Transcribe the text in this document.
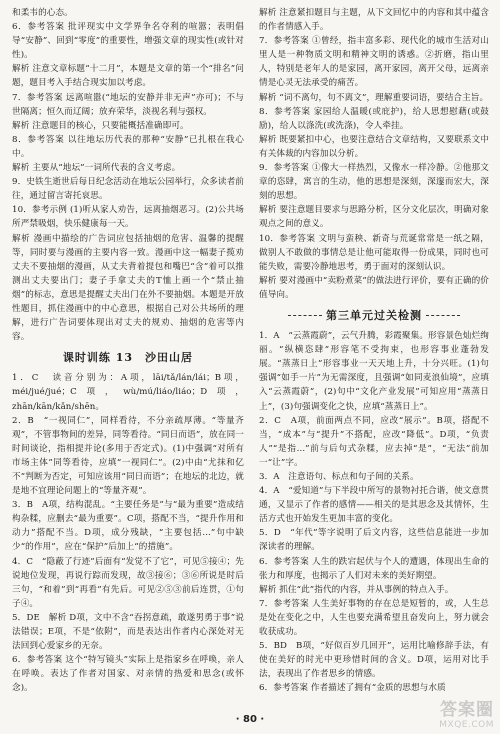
和柔韦的心态。

6．参考答案 批评现实中文学界争名夺利的喧嚣；表明倡导“安静”、回到“零度”的重要性，增强文章的现实性(或针对性)。

解析 注意文章标题“十二月”，本题是文章的第一个“排名”问题，题目考入手结合现实加以考虑。

7．参考答案 远离喧嚣(“地坛的安静并非无声”亦可)；不与世隔离；恒久而辽阔；放弃荣华，淡视名利与强权。

解析 注意题目的核心，只要能概括准确即可。

8．参考答案 以往地坛历代表的那种“安静”已扎根在我心中。

解析 主要从“地坛”一词所代表的含义考虑。

9．史铁生逝世后每日纪念活动在地坛公园举行，众多读者前往，通过留言寄托哀思。

10．参考示例 (1)听从家人劝告，远离抽烟恶习。(2)公共场所严禁吸烟，快乐健康每一天。

解析 漫画中描绘的广告词应包括抽烟的危害、温馨的提醒等，同时要与漫画的主要内容一致。漫画中这一幅妻子揽劝丈夫不要抽烟的漫画，从丈夫背着提包和嘴巴“含”着可以推测出丈夫要出门；妻子手拿丈夫的T恤上画一个“禁止抽烟”的标志，意思是提醒丈夫出门在外不要抽烟。本题是开放性题目，抓住漫画中的中心意思，根据自己对公共场所的理解，进行广告词要体现出对丈夫的规劝、抽烟的危害等内容。

课时训练 13　沙田山居

1．C　读音分别为：A项，lāi/tǎ/lán/lái；B项，méi/jué/jué；C项，wù/mú/liáo/liáo；D项，zhān/kān/kǎn/shēn。

2．B　“一视同仁”，同样看待，不分亲疏厚薄。“等量齐观”，不管事物间的差异，同等看待。“同日而语”，放在同一时间谈论，指相提并论(多用于否定式)。(1)中强调“对所有市场主体”同等看待，应填“一视同仁”。(2)中由“尤抹和亿不”判断为否定，可知应该用“同日而语”；在地坛的北边，就是地不宜理论问题上的“等量齐观”。

3．B　A项，结构混乱。“主要任务是”与“最为重要”造成结构杂糅，应删去“最为重要”。C项，搭配不当，“提升作用和动力”搭配不当。D项，成分残缺，“主要包括...”句中缺少“的作用”，应在“保护”后加上“的措施”。

4．C　“隐蔽了行迹”后面有“发觉不了它”，可见⑤接④；先说地位发现，再说行踪而发现，故③接⑥；③⑥所说是时后三句，“和着”到“再看”有先后。可见②⑤③前后连贯，①句子④。

5．DE　解析 D项，文中不含“吞拐意疏，敢遂男勇于事”说法错误；E项，不是“依附”，而是表达出作者内心深处对无法回到心爱家乡的无奈。

6．参考答案 这个“特写镜头”实际上是指家乡在呼唤，亲人在呼唤。表达了作者对国家、对亲情的热爱和思念(或怀念)。

解析 注意紧扣题目与主题，从下文回忆中的内容和其中蕴含的作者情感入手。

7．参考答案 ①曾经，指丰富多彩、现代化的城市生活对山里人是一种物质文明和精神文明的诱惑。②折磨，指山里人，特别是老年人的是家园，离开家园，离开父母，远离亲情是心灵无法承受的痛苦。

解析 “词不离句，句不离文”，理解重要词语，要结合主旨。

8．参考答案 家园给人温暖(或庇护)，给人思想慰藉(或鼓励)，给人以涤洗(或洗涤)，令人牵挂。

解析 既要紧扣中心，也要注意结合文章结构，又要联系文中有关体裁的内容加以分析。

9．参考答案 ①像大一样热烈，又像水一样冷静。②他那文章的恣肆，寓言的生动，他的思想是深刻，深邃而宏大，深刻的思想。

解析 要注意题目要求与思路分析，区分文化层次，明确对象观点之间的意义。

10．参考答案 文明与蛮秧、新奇与荒诞常常是一纸之隔，做别人不敢做的事情总是让他可能取得一份成果，同时也可能失败，需要冷静地思考，勇于面对的深刻认识。

解析 要对漫画中“卖粉煮菜”的做法进行评价，要有正确的价值导向。

第三单元过关检测

1．A　“云蒸霞蔚”，云气升腾，彩霞聚集。形容景色灿烂绚丽。“纵横恣肆”形容笔不受拘束，也形容事业蓬勃发展。“蒸蒸日上”形容事业一天天地上升，十分兴旺。(1)句强调“如手一片”为无需深度，且强调“如同麦浪仙境”，应填入“云蒸霞蔚”，(2)句中“文化产业发展”可知应用“蒸蒸日上”，(3)句强调变化之快，应填“蒸蒸日上”。

2．C　A项，前面两点不同，应改“展示”。B项，搭配不当，“成本”与“提升”不搭配，应改“降低”。D项，“负责人”“是指...”前与后句式杂糅，应去掉“是”，“无法”前加一“让”字。

3．A　注意语句、标点和句子间的关系。

4．A　“爱知道”与下半段中所写的景物衬托合谐，使文意贯通，又显示了作者的感情——相关的是其思念及其情怀，生活方式也开始发生更加丰富的变化。

5．D　“年代”等字说明了后文内容，这些信息能进一步加深读者的理解。

6．参考答案 人生的跌宕起伏与个人的遭遇，体现出生命的张力和厚度，也揭示了人们对未来的美好期望。

解析 抓住“此”指代的内容，并从事例的特点入手。

7．参考答案 人生美好事物的存在总是短暂的，或，人生总是处在变化之中，人生也要充满希望且奋发向上，努力就会收获成功。

5．BD　B项，“好似百岁几回开”，运用比喻修辞手法，有使在美好的时光中更珍惜时间的含义。D项，运用对比手法，表现出了作者思乡的情感。

6．参考答案 作者描述了拥有“金质的思想与水质

· 80 ·	答案圈
MXQE.COM
